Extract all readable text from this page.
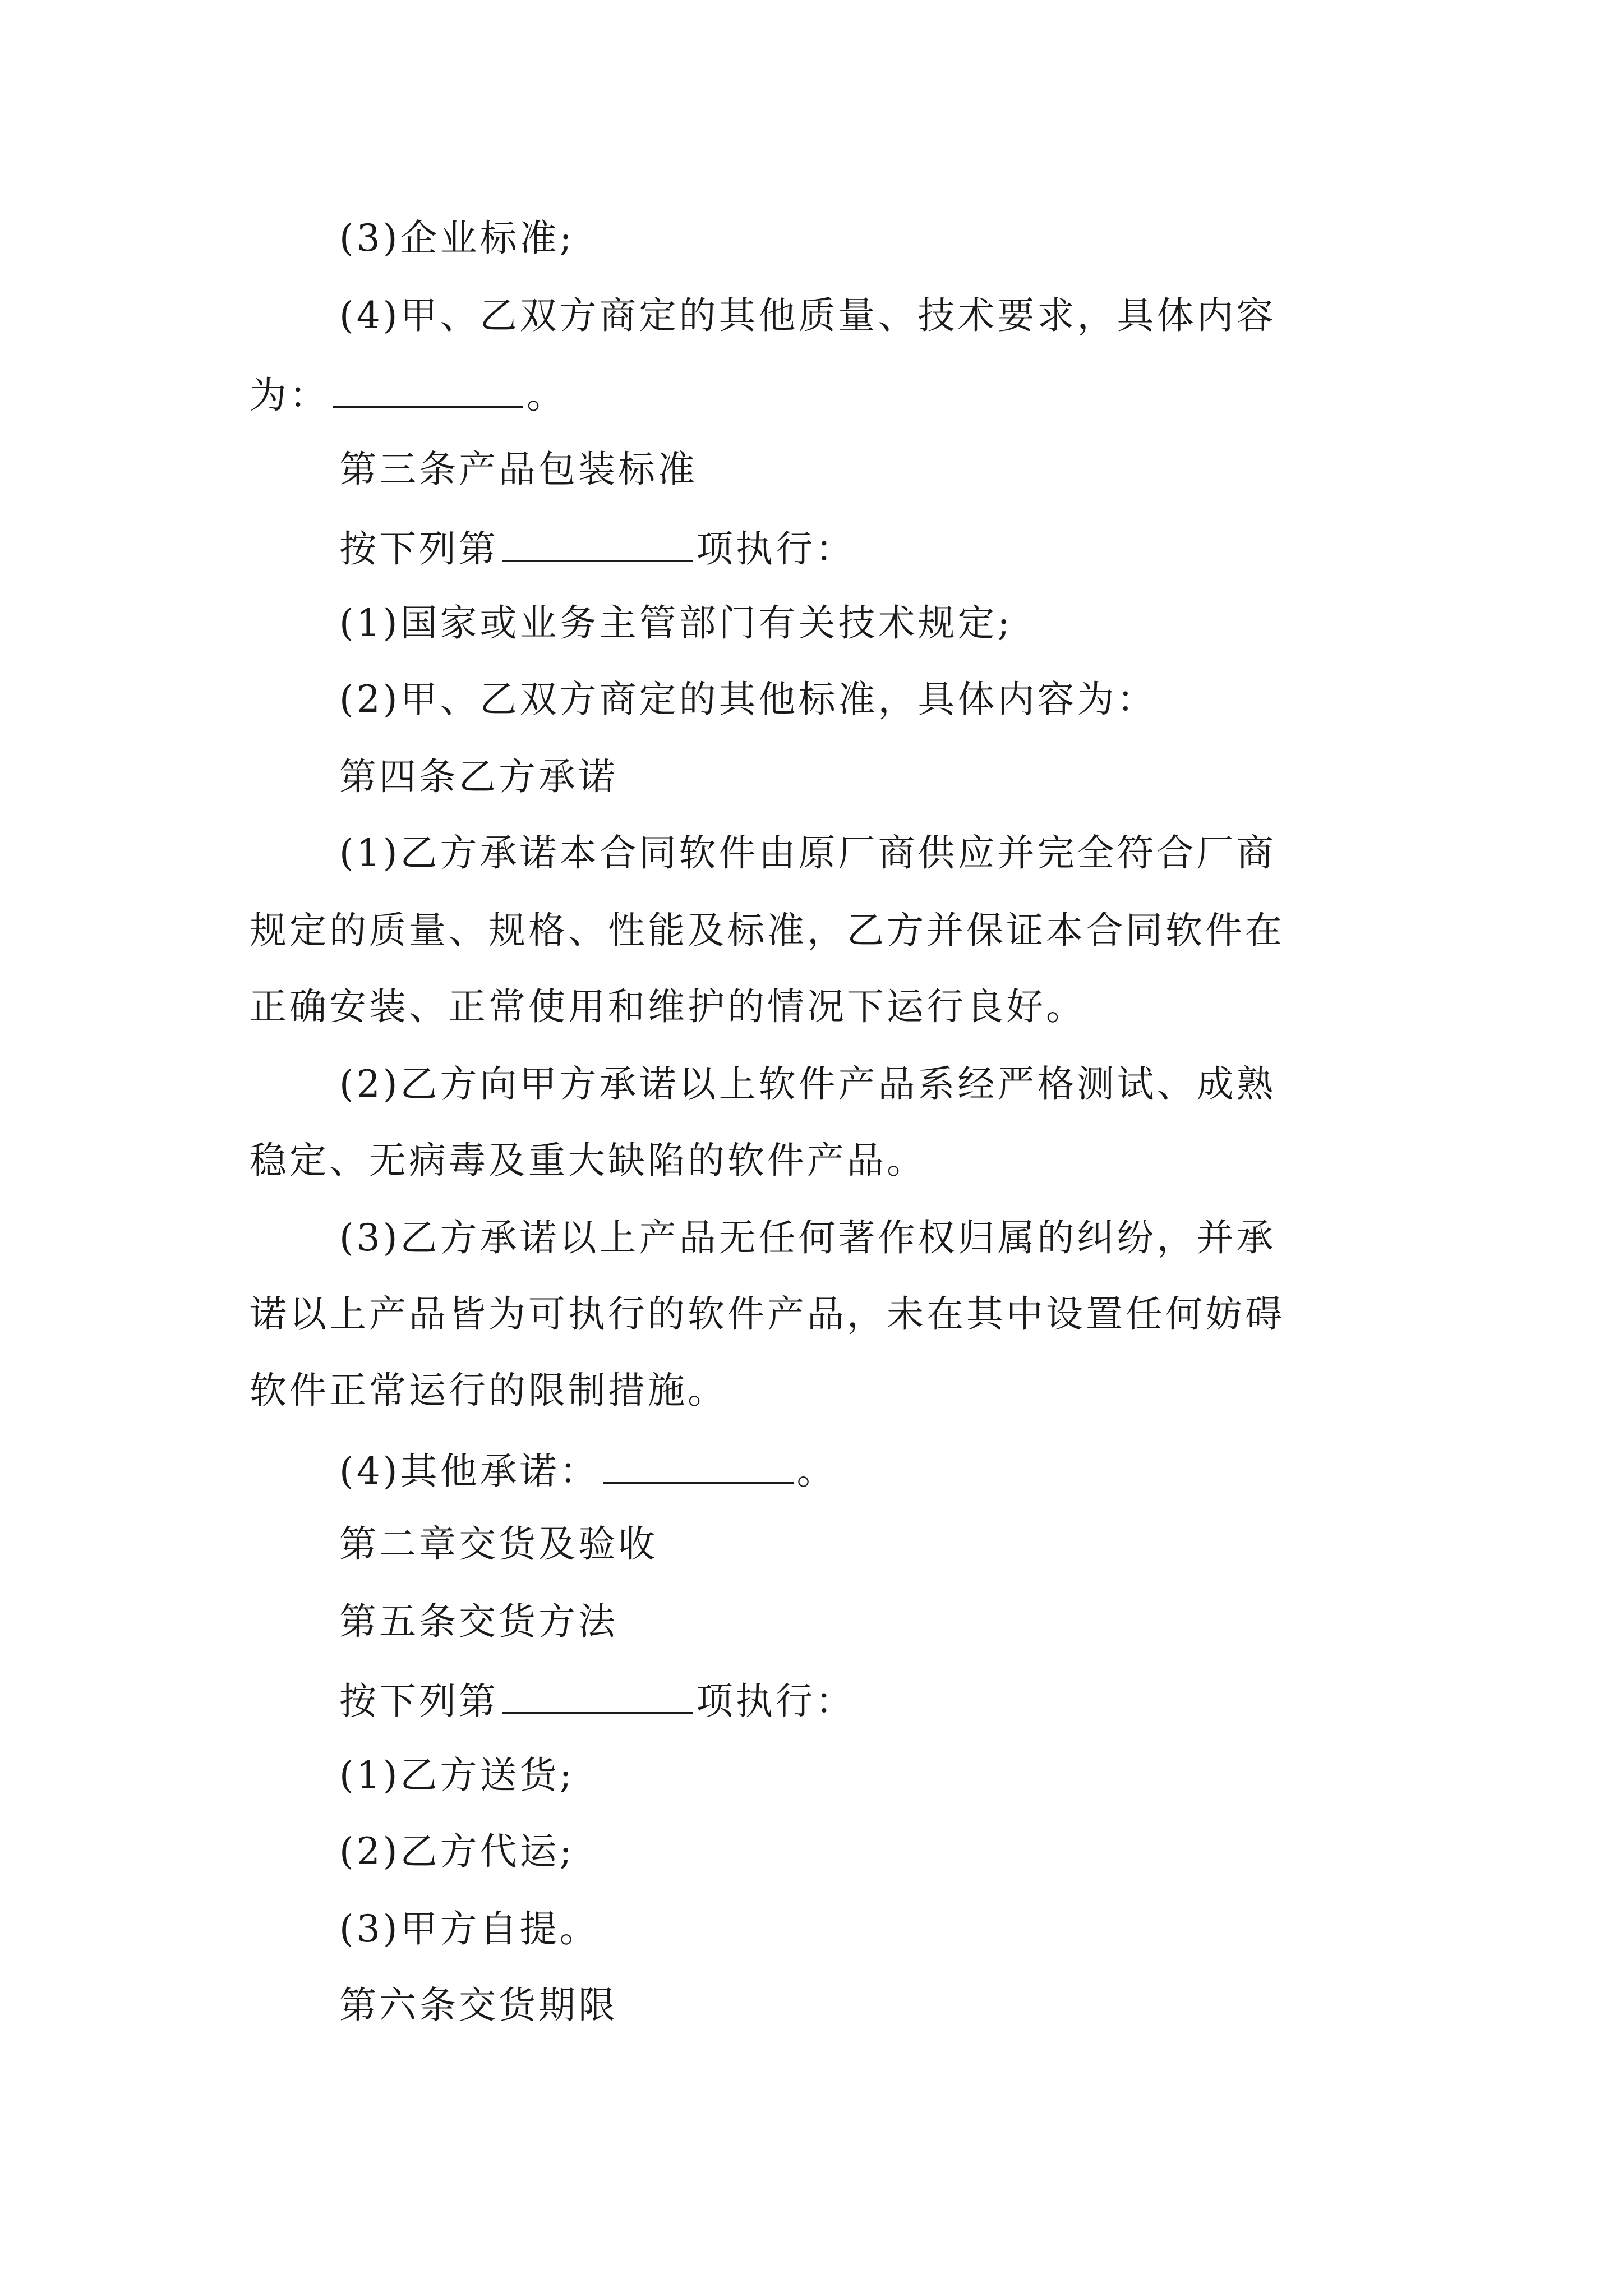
(3)企业标准;
(4)甲、乙双方商定的其他质量、技术要求，具体内容
为：	。
第三条产品包装标准
按下列第	项执行：
(1)国家或业务主管部门有关技术规定;
(2)甲、乙双方商定的其他标准，具体内容为：
第四条乙方承诺
(1)乙方承诺本合同软件由原厂商供应并完全符合厂商
规定的质量、规格、性能及标准，乙方并保证本合同软件在
正确安装、正常使用和维护的情况下运行良好。
(2)乙方向甲方承诺以上软件产品系经严格测试、成熟
稳定、无病毒及重大缺陷的软件产品。
(3)乙方承诺以上产品无任何著作权归属的纠纷，并承
诺以上产品皆为可执行的软件产品，未在其中设置任何妨碍
软件正常运行的限制措施。
(4)其他承诺：	。
第二章交货及验收
第五条交货方法
按下列第	项执行：
(1)乙方送货;
(2)乙方代运;
(3)甲方自提。
第六条交货期限
